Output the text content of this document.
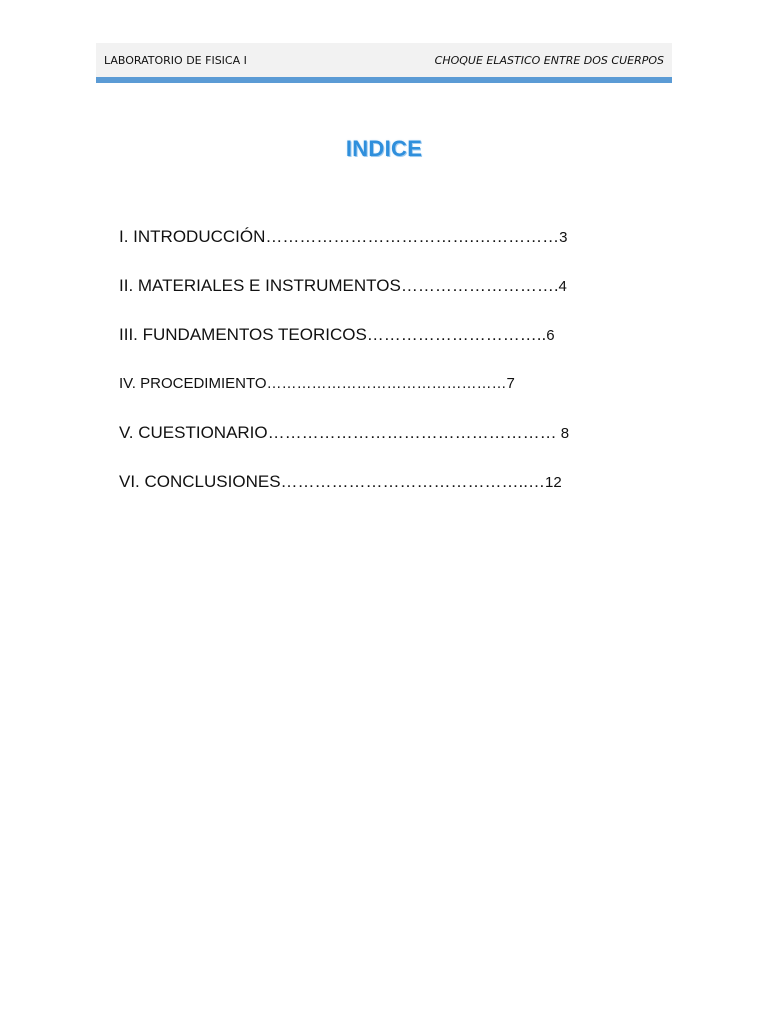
LABORATORIO DE FISICA I	CHOQUE ELASTICO ENTRE DOS CUERPOS
INDICE
I. INTRODUCCIÓN……………………………….……………3
II. MATERIALES E INSTRUMENTOS……………………….4
III. FUNDAMENTOS TEORICOS…………………………..6
IV. PROCEDIMIENTO…………………………………………7
V. CUESTIONARIO…………………………………………… 8
VI. CONCLUSIONES……………………………………..…12
